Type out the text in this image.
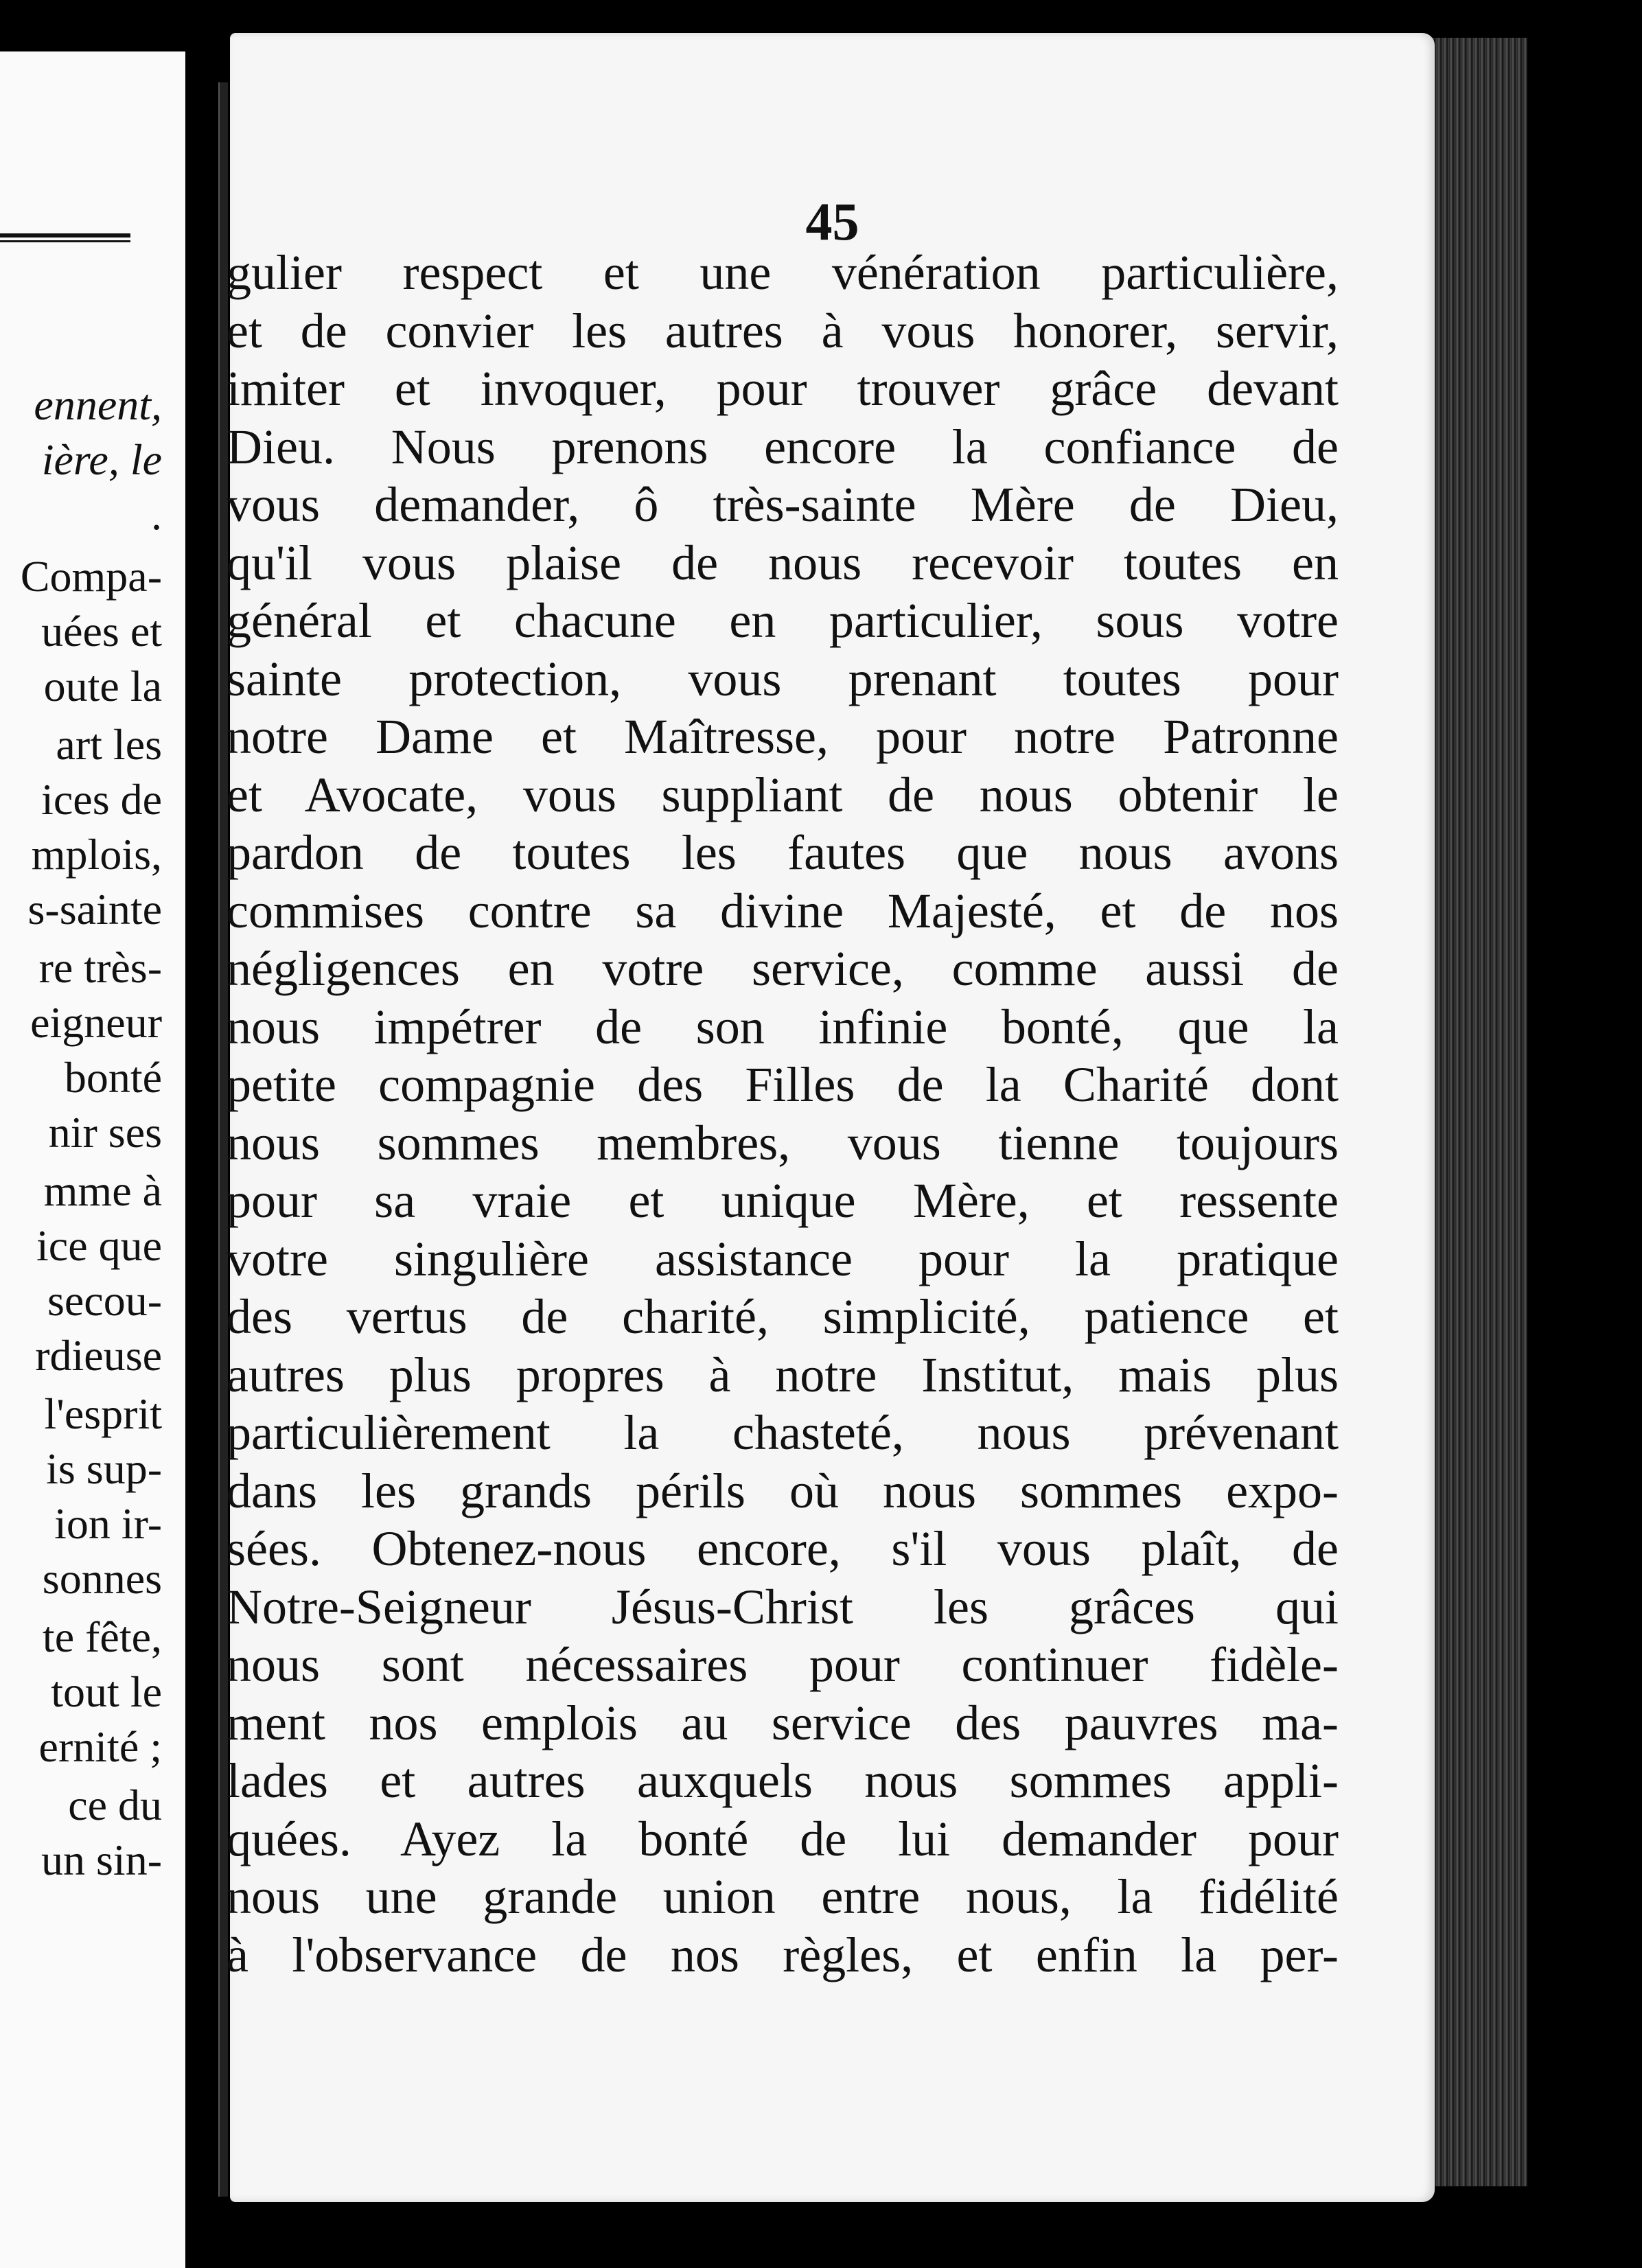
ennent,
ière, le
.
Compa-
uées et
oute la
art les
ices de
mplois,
s-sainte
re très-
eigneur
bonté
nir ses
mme à
ice que
secou-
rdieuse
l'esprit
is sup-
ion ir-
sonnes
te fête,
tout le
ernité ;
ce du
un sin-
45
gulier respect et une vénération particulière,
et de convier les autres à vous honorer, servir,
imiter et invoquer, pour trouver grâce devant
Dieu. Nous prenons encore la confiance de
vous demander, ô très-sainte Mère de Dieu,
qu'il vous plaise de nous recevoir toutes en
général et chacune en particulier, sous votre
sainte protection, vous prenant toutes pour
notre Dame et Maîtresse, pour notre Patronne
et Avocate, vous suppliant de nous obtenir le
pardon de toutes les fautes que nous avons
commises contre sa divine Majesté, et de nos
négligences en votre service, comme aussi de
nous impétrer de son infinie bonté, que la
petite compagnie des Filles de la Charité dont
nous sommes membres, vous tienne toujours
pour sa vraie et unique Mère, et ressente
votre singulière assistance pour la pratique
des vertus de charité, simplicité, patience et
autres plus propres à notre Institut, mais plus
particulièrement la chasteté, nous prévenant
dans les grands périls où nous sommes expo-
sées. Obtenez-nous encore, s'il vous plaît, de
Notre-Seigneur Jésus-Christ les grâces qui
nous sont nécessaires pour continuer fidèle-
ment nos emplois au service des pauvres ma-
lades et autres auxquels nous sommes appli-
quées. Ayez la bonté de lui demander pour
nous une grande union entre nous, la fidélité
à l'observance de nos règles, et enfin la per-
